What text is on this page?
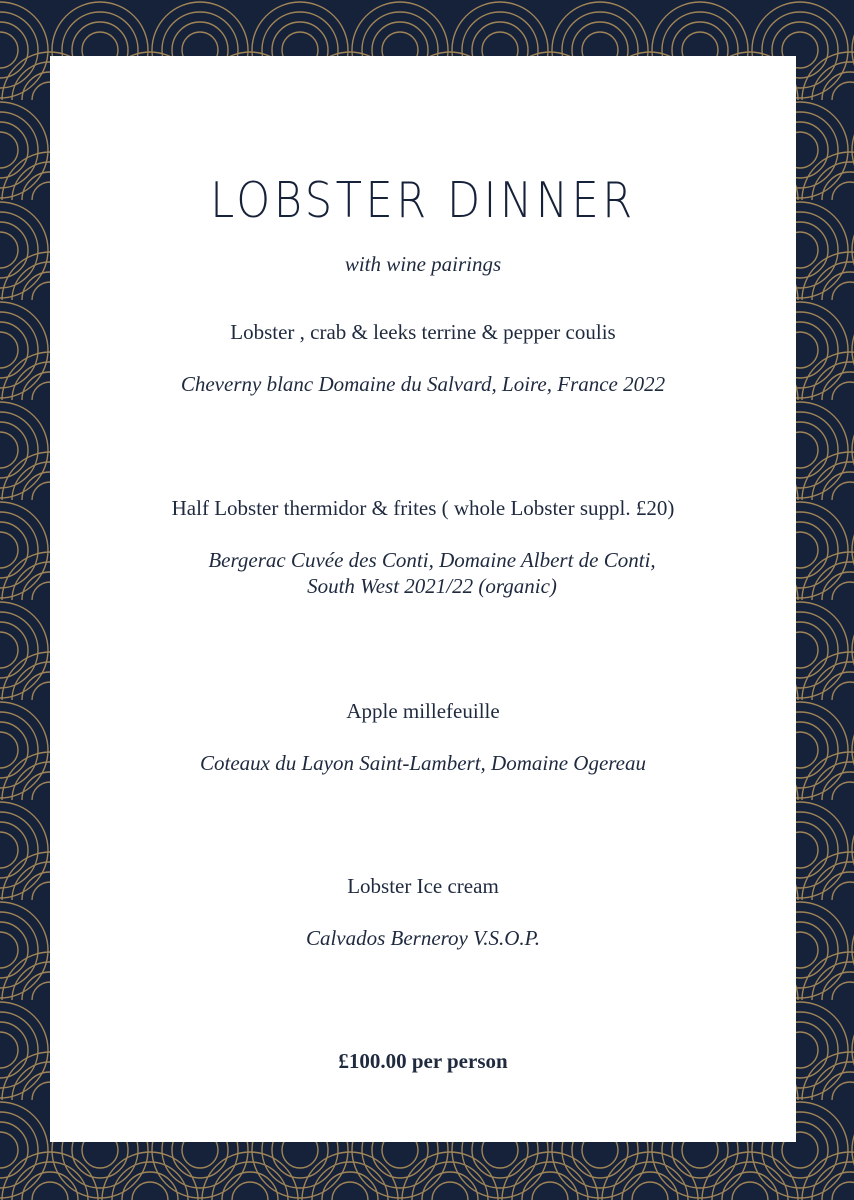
LOBSTER DINNER
with wine pairings
Lobster , crab & leeks terrine & pepper coulis
Cheverny blanc Domaine du Salvard, Loire, France 2022
Half Lobster thermidor & frites ( whole Lobster suppl. £20)
Bergerac Cuvée des Conti, Domaine Albert de Conti,
South West 2021/22 (organic)
Apple millefeuille
Coteaux du Layon Saint-Lambert, Domaine Ogereau
Lobster Ice cream
Calvados Berneroy V.S.O.P.
£100.00 per person
